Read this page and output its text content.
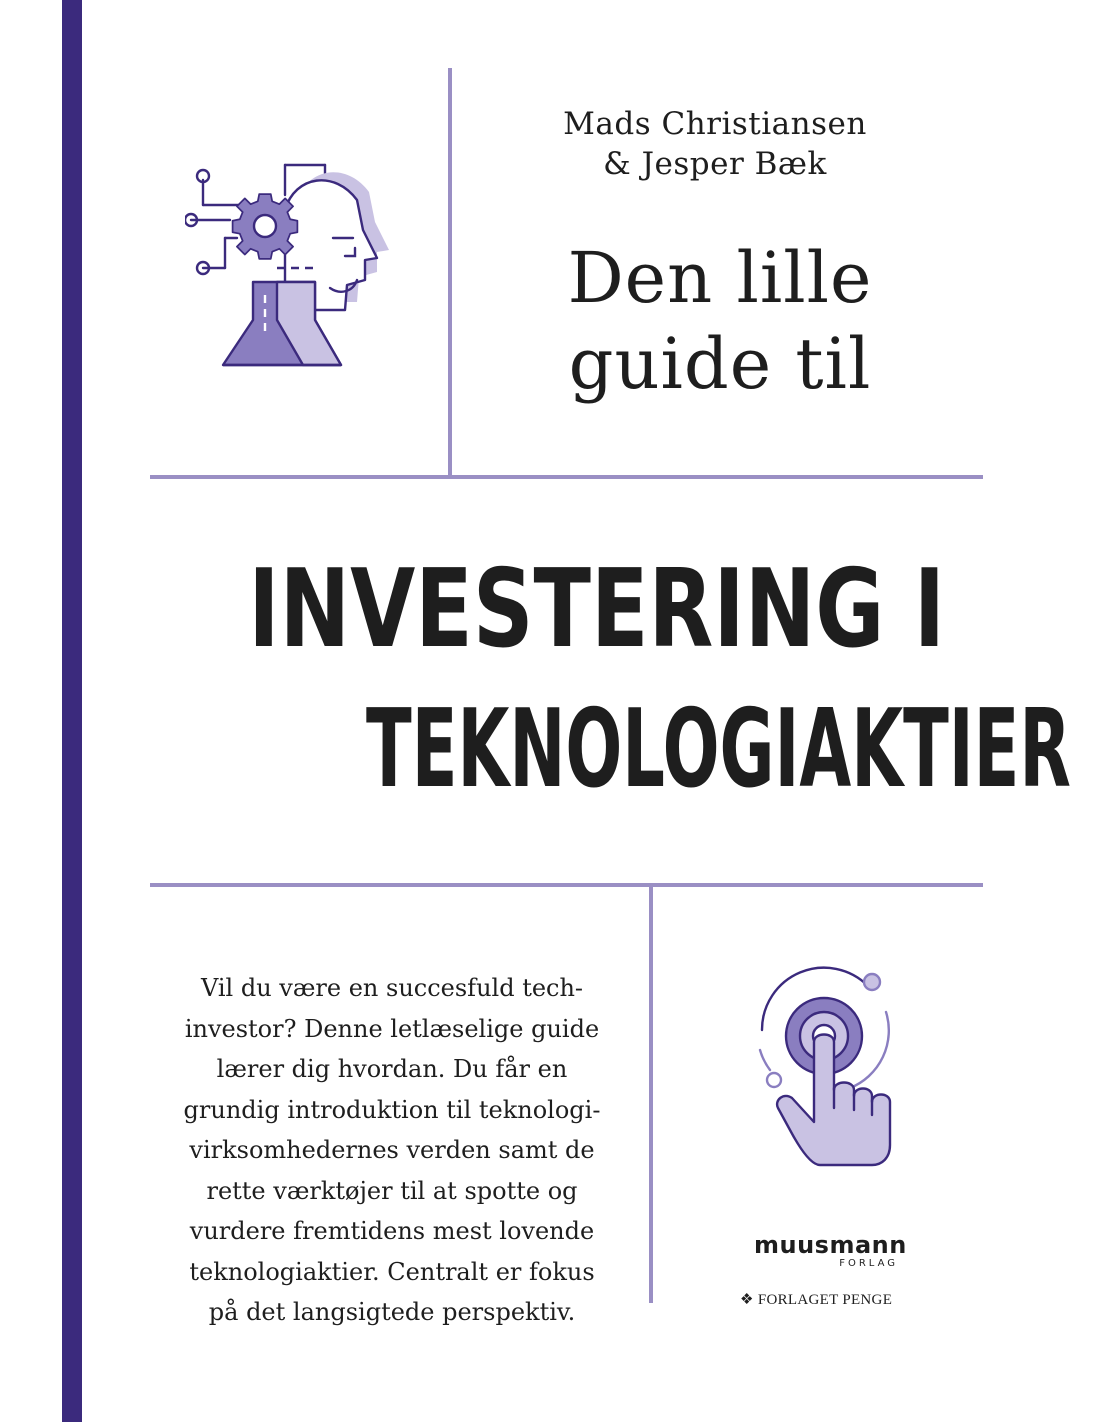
Mads Christiansen
& Jesper Bæk
Den lille
guide til
INVESTERING I TEKNOLOGIAKTIER
Vil du være en succesfuld tech-
investor? Denne letlæselige guide
lærer dig hvordan. Du får en
grundig introduktion til teknologi-
virksomhedernes verden samt de
rette værktøjer til at spotte og
vurdere fremtidens mest lovende
teknologiaktier. Centralt er fokus
på det langsigtede perspektiv.
muusmann
FORLAG
❖ FORLAGET PENGE
